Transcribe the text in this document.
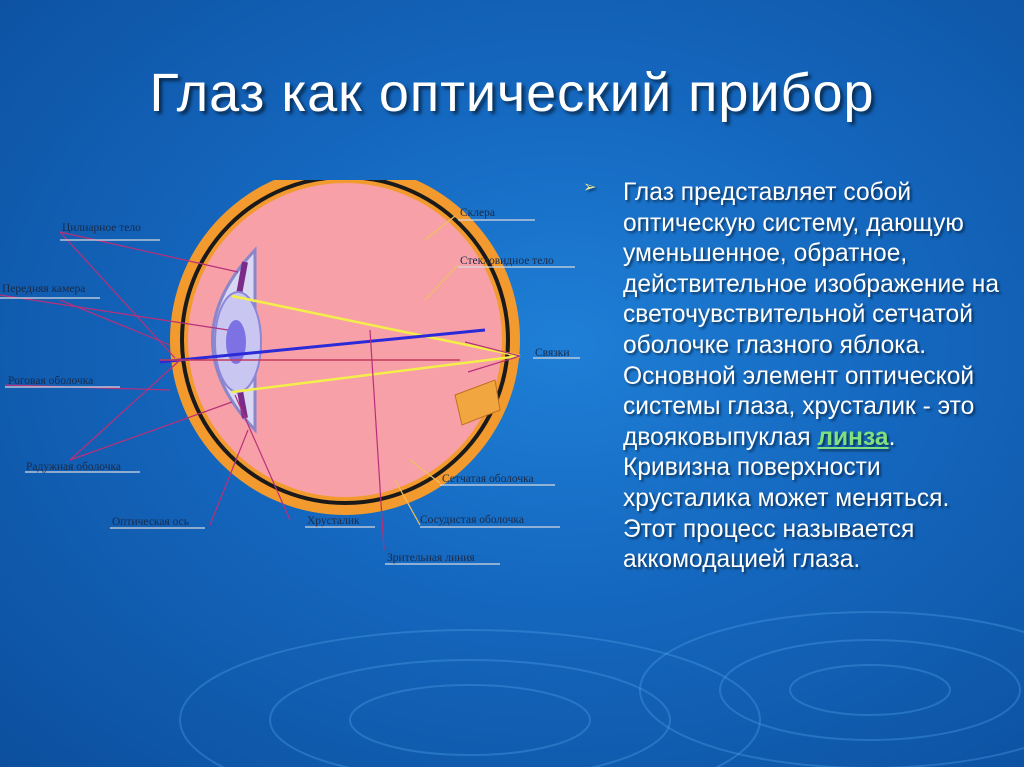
Глаз как оптический прибор
Цилиарное тело
Передняя камера
Роговая оболочка
Радужная оболочка
Оптическая ось	Хрусталик
Зрительная линия
Склера
Стекловидное тело
Связки
Сетчатая оболочка
Сосудистая оболочка
➢ Глаз представляет собой оптическую систему, дающую уменьшенное, обратное, действительное изображение на светочувствительной сетчатой оболочке глазного яблока. Основной элемент оптической системы глаза, хрусталик - это двояковыпуклая линза. Кривизна поверхности хрусталика может меняться. Этот процесс называется аккомодацией глаза.
